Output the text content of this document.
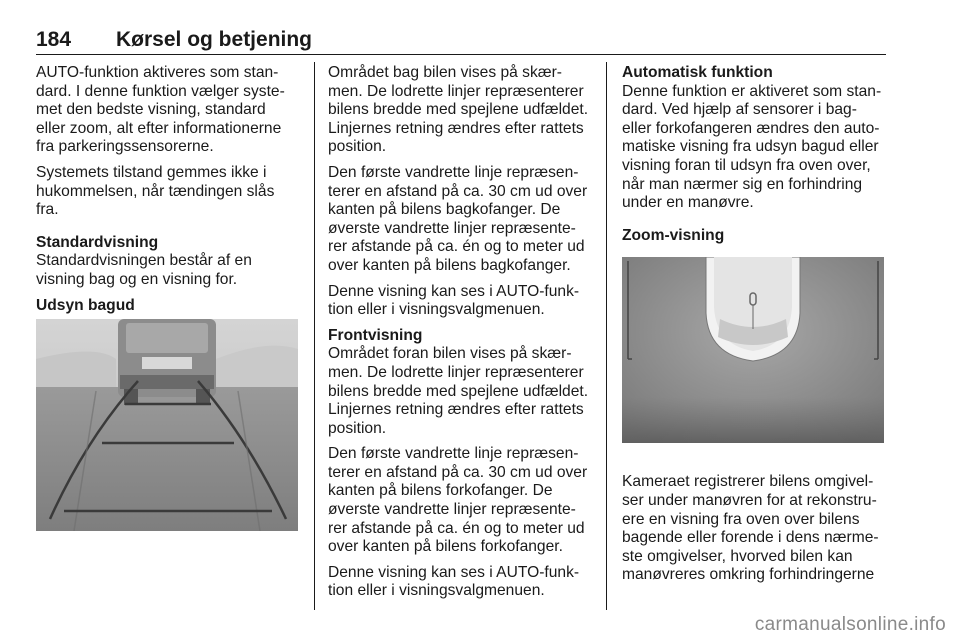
184 Kørsel og betjening

AUTO-funktion aktiveres som stan-
dard. I denne funktion vælger syste-
met den bedste visning, standard
eller zoom, alt efter informationerne
fra parkeringssensorerne.

Systemets tilstand gemmes ikke i
hukommelsen, når tændingen slås
fra.

Standardvisning
Standardvisningen består af en
visning bag og en visning for.

Udsyn bagud

Området bag bilen vises på skær-
men. De lodrette linjer repræsenterer
bilens bredde med spejlene udfældet.
Linjernes retning ændres efter rattets
position.

Den første vandrette linje repræsen-
terer en afstand på ca. 30 cm ud over
kanten på bilens bagkofanger. De
øverste vandrette linjer repræsente-
rer afstande på ca. én og to meter ud
over kanten på bilens bagkofanger.

Denne visning kan ses i AUTO-funk-
tion eller i visningsvalgmenuen.

Frontvisning
Området foran bilen vises på skær-
men. De lodrette linjer repræsenterer
bilens bredde med spejlene udfældet.
Linjernes retning ændres efter rattets
position.

Den første vandrette linje repræsen-
terer en afstand på ca. 30 cm ud over
kanten på bilens forkofanger. De
øverste vandrette linjer repræsente-
rer afstande på ca. én og to meter ud
over kanten på bilens forkofanger.

Denne visning kan ses i AUTO-funk-
tion eller i visningsvalgmenuen.

Automatisk funktion
Denne funktion er aktiveret som stan-
dard. Ved hjælp af sensorer i bag-
eller forkofangeren ændres den auto-
matiske visning fra udsyn bagud eller
visning foran til udsyn fra oven over,
når man nærmer sig en forhindring
under en manøvre.

Zoom-visning

Kameraet registrerer bilens omgivel-
ser under manøvren for at rekonstru-
ere en visning fra oven over bilens
bagende eller forende i dens nærme-
ste omgivelser, hvorved bilen kan
manøvreres omkring forhindringerne

carmanualsonline.info
